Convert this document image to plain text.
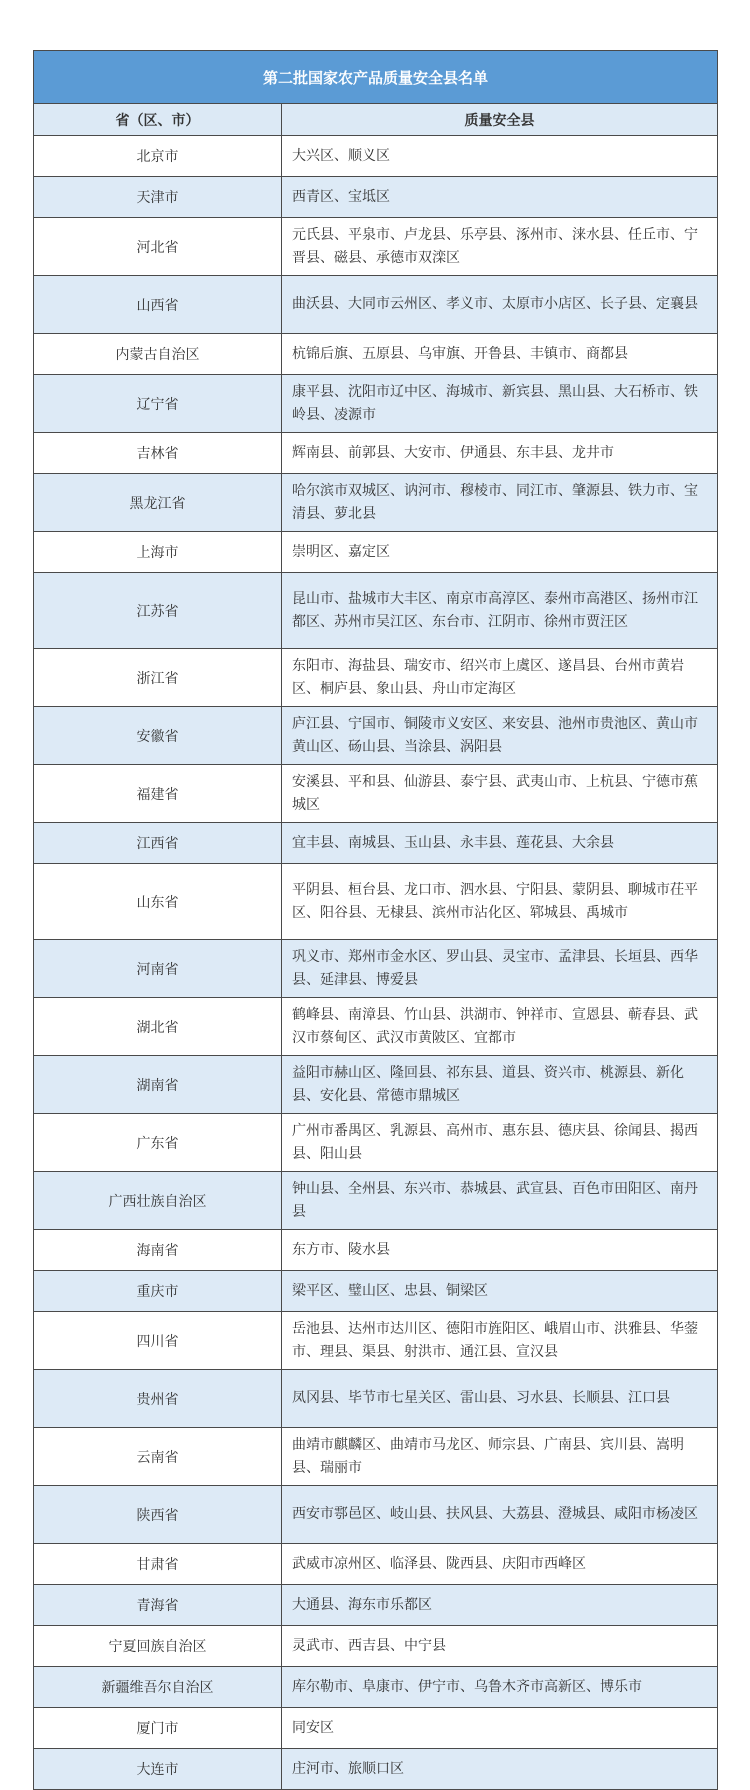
第二批国家农产品质量安全县名单	
省（区、市）	质量安全县
北京市	大兴区、顺义区
天津市	西青区、宝坻区
河北省	元氏县、平泉市、卢龙县、乐亭县、涿州市、涞水县、任丘市、宁晋县、磁县、承德市双滦区
山西省	曲沃县、大同市云州区、孝义市、太原市小店区、长子县、定襄县
内蒙古自治区	杭锦后旗、五原县、乌审旗、开鲁县、丰镇市、商都县
辽宁省	康平县、沈阳市辽中区、海城市、新宾县、黑山县、大石桥市、铁岭县、凌源市
吉林省	辉南县、前郭县、大安市、伊通县、东丰县、龙井市
黑龙江省	哈尔滨市双城区、讷河市、穆棱市、同江市、肇源县、铁力市、宝清县、萝北县
上海市	崇明区、嘉定区
江苏省	昆山市、盐城市大丰区、南京市高淳区、泰州市高港区、扬州市江都区、苏州市吴江区、东台市、江阴市、徐州市贾汪区
浙江省	东阳市、海盐县、瑞安市、绍兴市上虞区、遂昌县、台州市黄岩区、桐庐县、象山县、舟山市定海区
安徽省	庐江县、宁国市、铜陵市义安区、来安县、池州市贵池区、黄山市黄山区、砀山县、当涂县、涡阳县
福建省	安溪县、平和县、仙游县、泰宁县、武夷山市、上杭县、宁德市蕉城区
江西省	宜丰县、南城县、玉山县、永丰县、莲花县、大余县
山东省	平阴县、桓台县、龙口市、泗水县、宁阳县、蒙阴县、聊城市茌平区、阳谷县、无棣县、滨州市沾化区、郓城县、禹城市
河南省	巩义市、郑州市金水区、罗山县、灵宝市、孟津县、长垣县、西华县、延津县、博爱县
湖北省	鹤峰县、南漳县、竹山县、洪湖市、钟祥市、宣恩县、蕲春县、武汉市蔡甸区、武汉市黄陂区、宜都市
湖南省	益阳市赫山区、隆回县、祁东县、道县、资兴市、桃源县、新化县、安化县、常德市鼎城区
广东省	广州市番禺区、乳源县、高州市、惠东县、德庆县、徐闻县、揭西县、阳山县
广西壮族自治区	钟山县、全州县、东兴市、恭城县、武宣县、百色市田阳区、南丹县
海南省	东方市、陵水县
重庆市	梁平区、璧山区、忠县、铜梁区
四川省	岳池县、达州市达川区、德阳市旌阳区、峨眉山市、洪雅县、华蓥市、理县、渠县、射洪市、通江县、宣汉县
贵州省	凤冈县、毕节市七星关区、雷山县、习水县、长顺县、江口县
云南省	曲靖市麒麟区、曲靖市马龙区、师宗县、广南县、宾川县、嵩明县、瑞丽市
陕西省	西安市鄠邑区、岐山县、扶风县、大荔县、澄城县、咸阳市杨凌区
甘肃省	武威市凉州区、临泽县、陇西县、庆阳市西峰区
青海省	大通县、海东市乐都区
宁夏回族自治区	灵武市、西吉县、中宁县
新疆维吾尔自治区	库尔勒市、阜康市、伊宁市、乌鲁木齐市高新区、博乐市
厦门市	同安区
大连市	庄河市、旅顺口区
